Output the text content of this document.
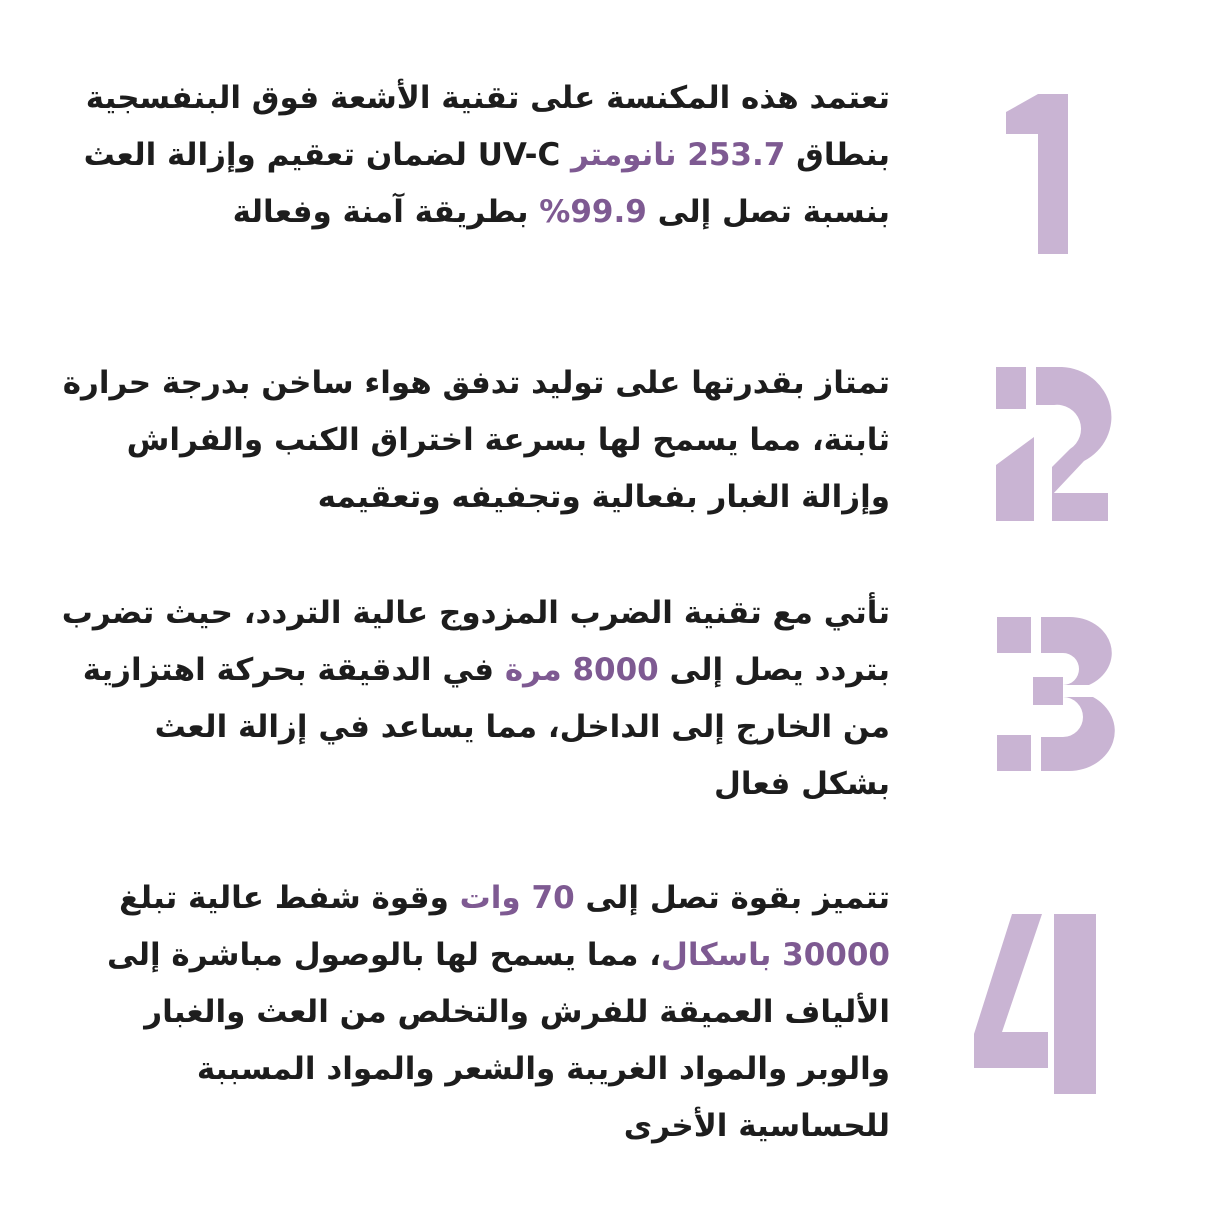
تعتمد هذه المكنسة على تقنية الأشعة فوق البنفسجية بنطاق 253.7 نانومتر UV-C لضمان تعقيم وإزالة العث بنسبة تصل إلى 99.9% بطريقة آمنة وفعالة

تمتاز بقدرتها على توليد تدفق هواء ساخن بدرجة حرارة ثابتة، مما يسمح لها بسرعة اختراق الكنب والفراش وإزالة الغبار بفعالية وتجفيفه وتعقيمه

تأتي مع تقنية الضرب المزدوج عالية التردد، حيث تضرب بتردد يصل إلى 8000 مرة في الدقيقة بحركة اهتزازية من الخارج إلى الداخل، مما يساعد في إزالة العث بشكل فعال

تتميز بقوة تصل إلى 70 وات وقوة شفط عالية تبلغ 30000 باسكال، مما يسمح لها بالوصول مباشرة إلى الألياف العميقة للفرش والتخلص من العث والغبار والوبر والمواد الغريبة والشعر والمواد المسببة للحساسية الأخرى
